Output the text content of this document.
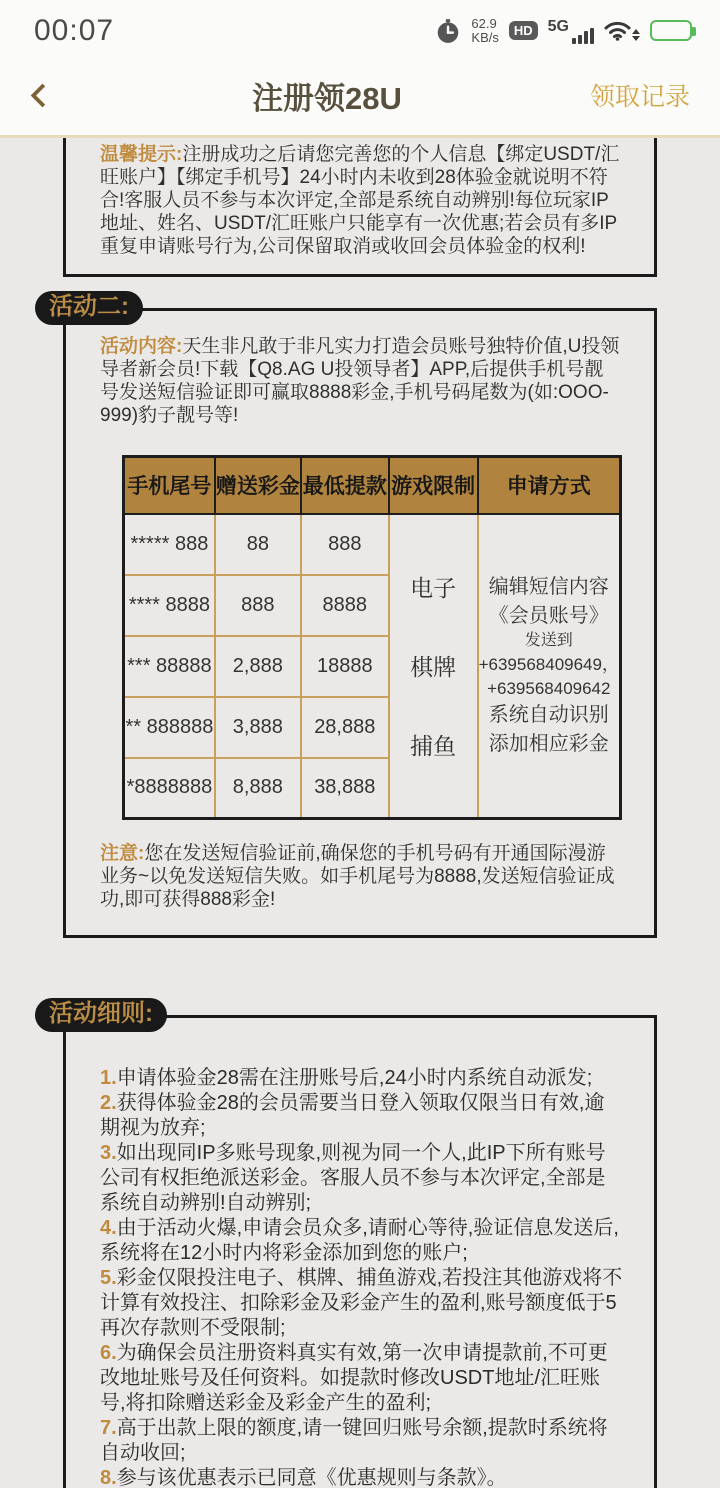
00:07	62.9
KB/s	HD 5G
注册领28U	领取记录

温馨提示:注册成功之后请您完善您的个人信息【绑定USDT/汇旺账户】【绑定手机号】24小时内未收到28体验金就说明不符合!客服人员不参与本次评定,全部是系统自动辨别!每位玩家IP地址、姓名、USDT/汇旺账户只能享有一次优惠;若会员有多IP重复申请账号行为,公司保留取消或收回会员体验金的权利!

活动二:

活动内容:天生非凡敢于非凡实力打造会员账号独特价值,U投领导者新会员!下载【Q8.AG U投领导者】APP,后提供手机号靓号发送短信验证即可赢取8888彩金,手机号码尾数为(如:OOO-999)豹子靓号等!

手机尾号	赠送彩金	最低提款	游戏限制	申请方式
***** 888	88	888	
电子
棋牌
捕鱼

编辑短信内容
《会员账号》
发送到
+639568409649，
+639568409642
系统自动识别
添加相应彩金

**** 8888	888	8888		
*** 88888	2,888	18888		
** 888888	3,888	28,888		
*8888888	8,888	38,888		

注意:您在发送短信验证前,确保您的手机号码有开通国际漫游业务~以免发送短信失败。如手机尾号为8888,发送短信验证成功,即可获得888彩金!

活动细则:

1.申请体验金28需在注册账号后,24小时内系统自动派发;

2.获得体验金28的会员需要当日登入领取仅限当日有效,逾期视为放弃;

3.如出现同IP多账号现象,则视为同一个人,此IP下所有账号公司有权拒绝派送彩金。客服人员不参与本次评定,全部是系统自动辨别!自动辨别;

4.由于活动火爆,申请会员众多,请耐心等待,验证信息发送后,系统将在12小时内将彩金添加到您的账户;

5.彩金仅限投注电子、棋牌、捕鱼游戏,若投注其他游戏将不计算有效投注、扣除彩金及彩金产生的盈利,账号额度低于5再次存款则不受限制;

6.为确保会员注册资料真实有效,第一次申请提款前,不可更改地址账号及任何资料。如提款时修改USDT地址/汇旺账号,将扣除赠送彩金及彩金产生的盈利;

7.高于出款上限的额度,请一键回归账号余额,提款时系统将自动收回;

8.参与该优惠表示已同意《优惠规则与条款》。
